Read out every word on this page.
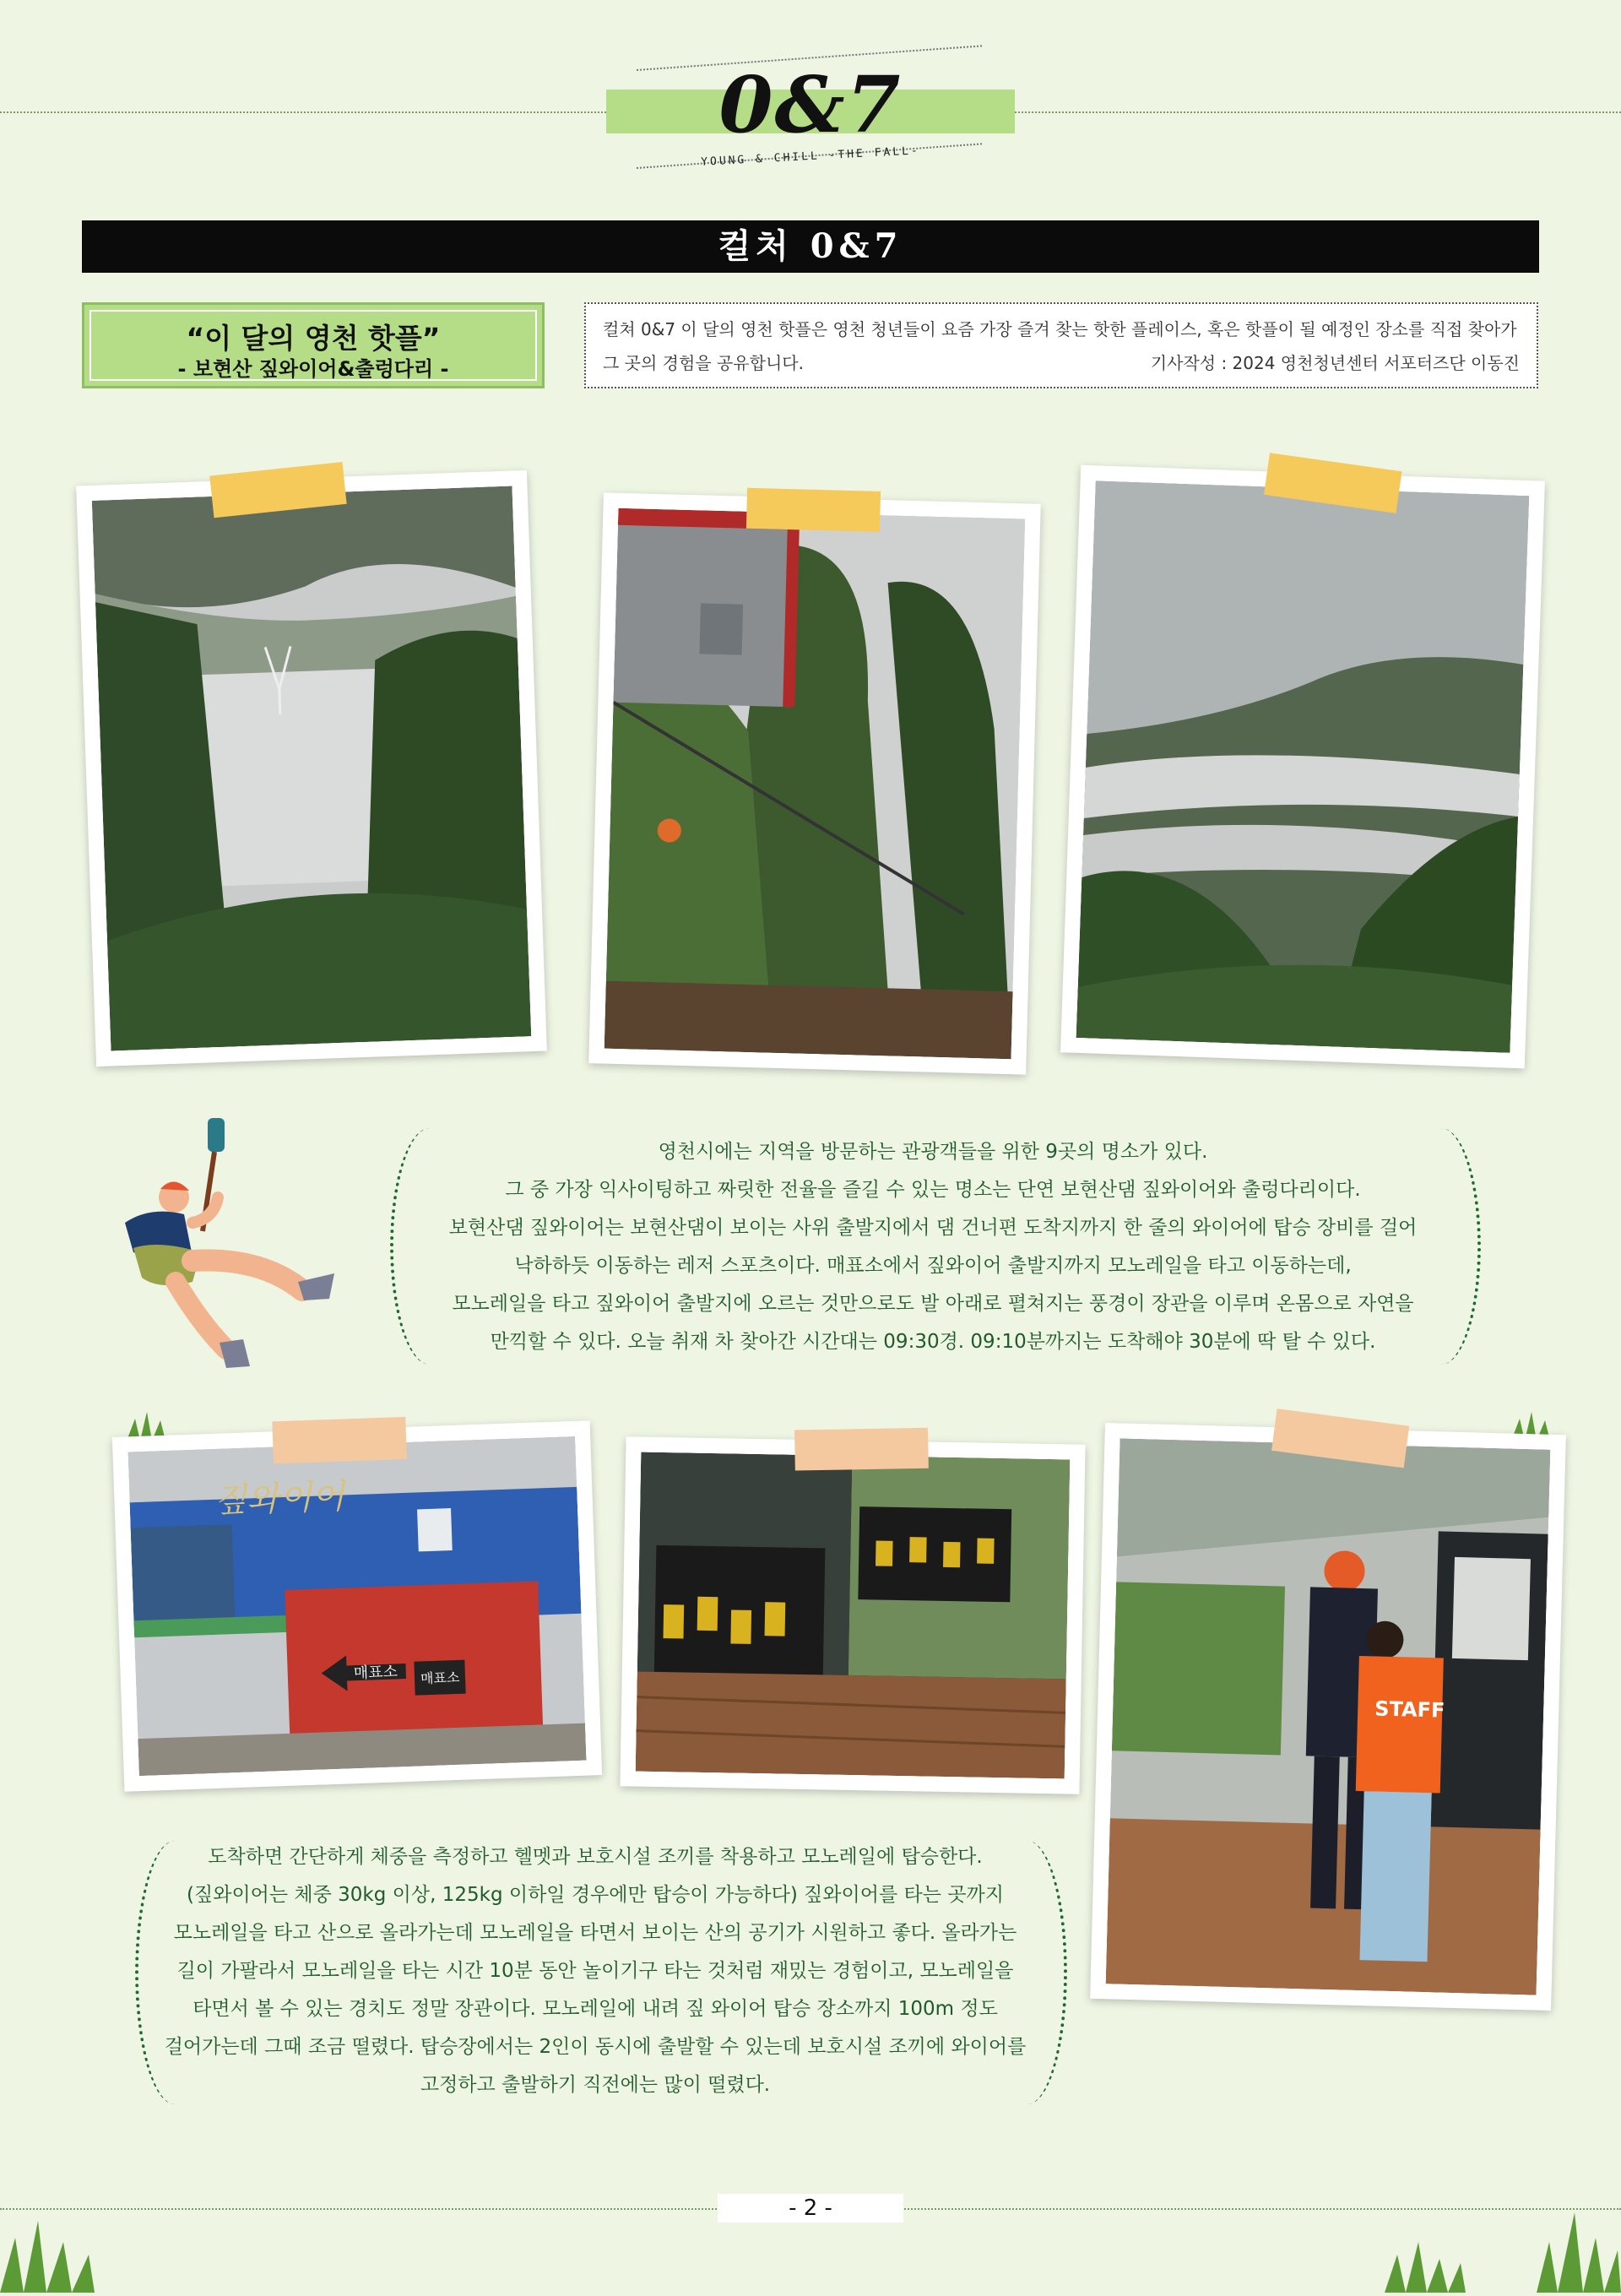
0&7
YOUNG & CHILL -THE FALL-
컬처 0&7
“이 달의 영천 핫플”
- 보현산 짚와이어&출렁다리 -
컬쳐 0&7 이 달의 영천 핫플은 영천 청년들이 요즘 가장 즐겨 찾는 핫한 플레이스, 혹은 핫플이 될 예정인 장소를 직접 찾아가
그 곳의 경험을 공유합니다.	기사작성 : 2024 영천청년센터 서포터즈단 이동진
영천시에는 지역을 방문하는 관광객들을 위한 9곳의 명소가 있다.
그 중 가장 익사이팅하고 짜릿한 전율을 즐길 수 있는 명소는 단연 보현산댐 짚와이어와 출렁다리이다.
보현산댐 짚와이어는 보현산댐이 보이는 사위 출발지에서 댐 건너편 도착지까지 한 줄의 와이어에 탑승 장비를 걸어
낙하하듯 이동하는 레저 스포츠이다. 매표소에서 짚와이어 출발지까지 모노레일을 타고 이동하는데,
모노레일을 타고 짚와이어 출발지에 오르는 것만으로도 발 아래로 펼쳐지는 풍경이 장관을 이루며 온몸으로 자연을
만끽할 수 있다. 오늘 취재 차 찾아간 시간대는 09:30경. 09:10분까지는 도착해야 30분에 딱 탈 수 있다.
짚와이어
매표소 매표소
STAFF
도착하면 간단하게 체중을 측정하고 헬멧과 보호시설 조끼를 착용하고 모노레일에 탑승한다.
(짚와이어는 체중 30kg 이상, 125kg 이하일 경우에만 탑승이 가능하다) 짚와이어를 타는 곳까지
모노레일을 타고 산으로 올라가는데 모노레일을 타면서 보이는 산의 공기가 시원하고 좋다. 올라가는
길이 가팔라서 모노레일을 타는 시간 10분 동안 놀이기구 타는 것처럼 재밌는 경험이고, 모노레일을
타면서 볼 수 있는 경치도 정말 장관이다. 모노레일에 내려 짚 와이어 탑승 장소까지 100m 정도
걸어가는데 그때 조금 떨렸다. 탑승장에서는 2인이 동시에 출발할 수 있는데 보호시설 조끼에 와이어를
고정하고 출발하기 직전에는 많이 떨렸다.
- 2 -
